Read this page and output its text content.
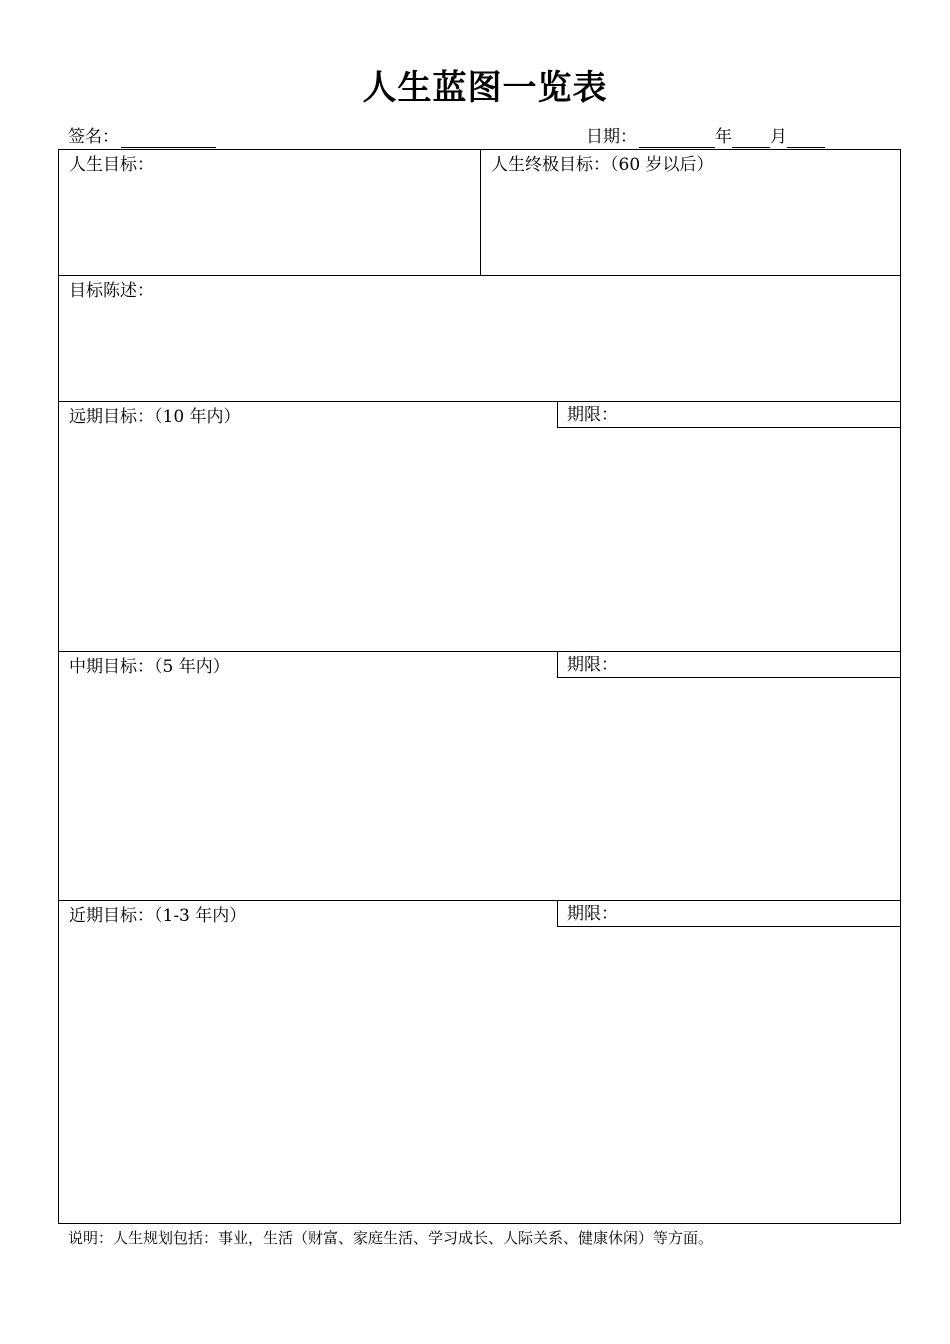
人生蓝图一览表
签名：	日期：	年 月
人生目标：	人生终极目标：（60 岁以后）
目标陈述：
远期目标：（10 年内）	期限：
中期目标：（5 年内）	期限：
近期目标：（1-3 年内）	期限：
说明：人生规划包括：事业，生活（财富、家庭生活、学习成长、人际关系、健康休闲）等方面。
